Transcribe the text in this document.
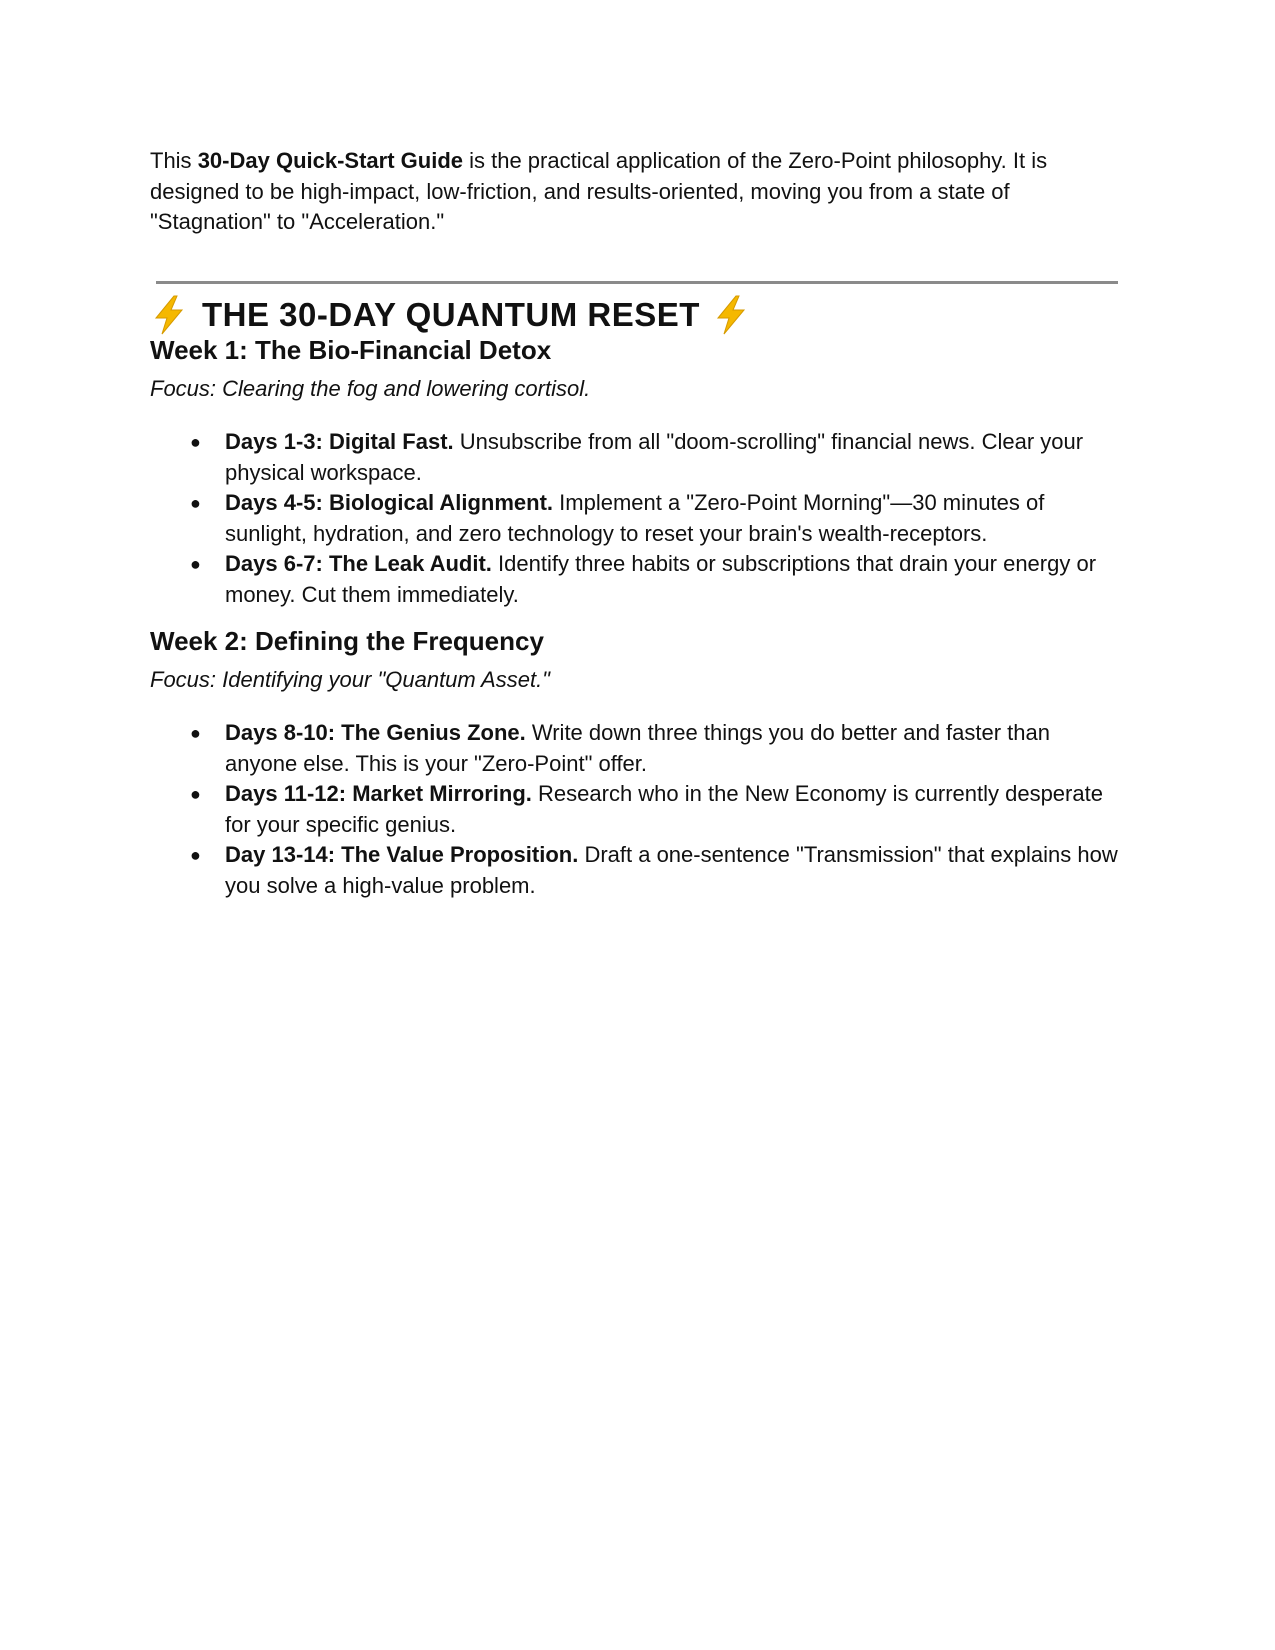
This 30-Day Quick-Start Guide is the practical application of the Zero-Point philosophy. It is designed to be high-impact, low-friction, and results-oriented, moving you from a state of "Stagnation" to "Acceleration."

THE 30-DAY QUANTUM RESET
Week 1: The Bio-Financial Detox

Focus: Clearing the fog and lowering cortisol.

● Days 1-3: Digital Fast. Unsubscribe from all "doom-scrolling" financial news. Clear your physical workspace.
● Days 4-5: Biological Alignment. Implement a "Zero-Point Morning"—30 minutes of sunlight, hydration, and zero technology to reset your brain's wealth-receptors.
● Days 6-7: The Leak Audit. Identify three habits or subscriptions that drain your energy or money. Cut them immediately.
Week 2: Defining the Frequency

Focus: Identifying your "Quantum Asset."

● Days 8-10: The Genius Zone. Write down three things you do better and faster than anyone else. This is your "Zero-Point" offer.
● Days 11-12: Market Mirroring. Research who in the New Economy is currently desperate for your specific genius.
● Day 13-14: The Value Proposition. Draft a one-sentence "Transmission" that explains how you solve a high-value problem.
